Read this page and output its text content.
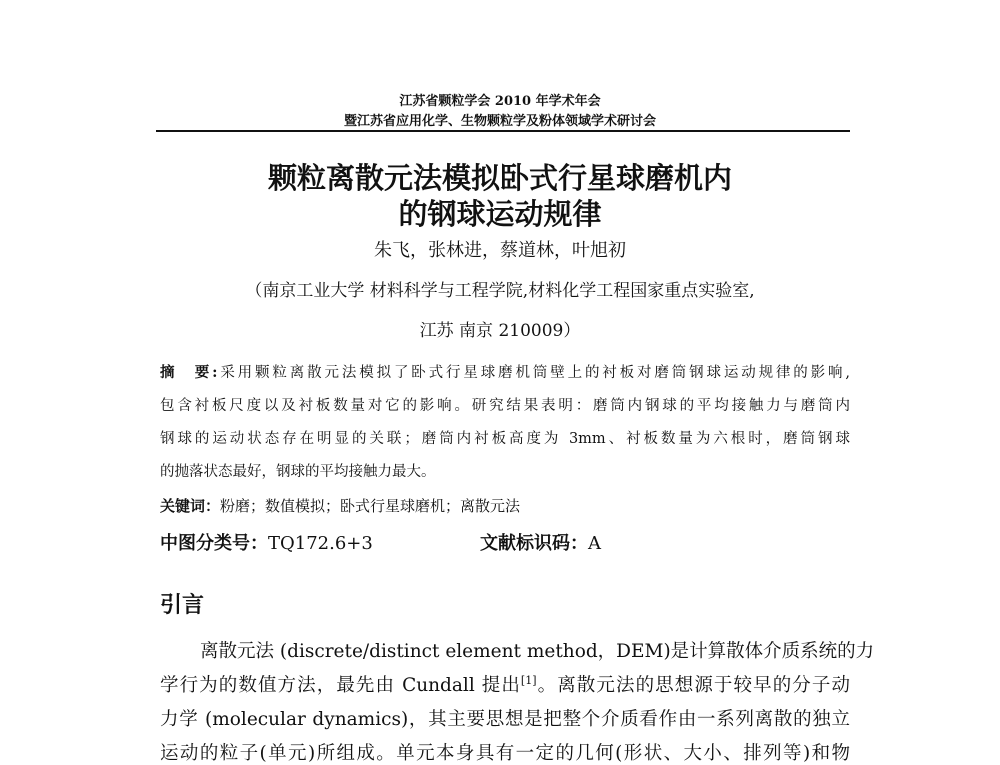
江苏省颗粒学会 2010 年学术年会
暨江苏省应用化学、生物颗粒学及粉体领域学术研讨会
颗粒离散元法模拟卧式行星球磨机内
的钢球运动规律
朱飞，张林进，蔡道林，叶旭初
（南京工业大学 材料科学与工程学院,材料化学工程国家重点实验室,
江苏 南京 210009）
摘　要:采用颗粒离散元法模拟了卧式行星球磨机筒壁上的衬板对磨筒钢球运动规律的影响,
包含衬板尺度以及衬板数量对它的影响。研究结果表明：磨筒内钢球的平均接触力与磨筒内
钢球的运动状态存在明显的关联；磨筒内衬板高度为 3mm、衬板数量为六根时，磨筒钢球
的抛落状态最好，钢球的平均接触力最大。
关键词：粉磨；数值模拟；卧式行星球磨机；离散元法
中图分类号：TQ172.6+3	文献标识码：A
引言
离散元法 (discrete/distinct element method，DEM)是计算散体介质系统的力
学行为的数值方法，最先由 Cundall 提出[1]。离散元法的思想源于较早的分子动
力学 (molecular dynamics)，其主要思想是把整个介质看作由一系列离散的独立
运动的粒子(单元)所组成。单元本身具有一定的几何(形状、大小、排列等)和物
